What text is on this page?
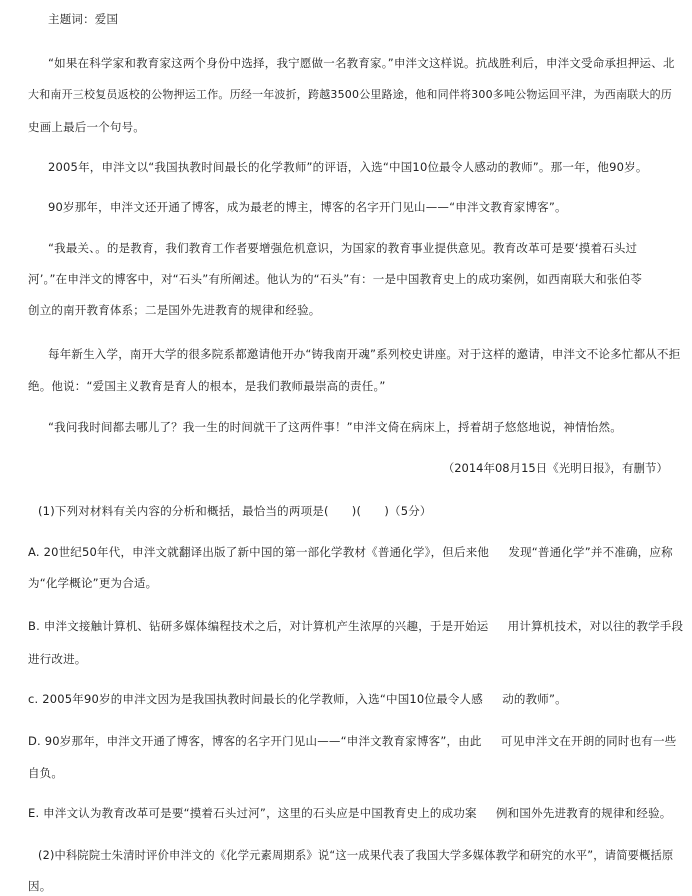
主题词：爱国
“如果在科学家和教育家这两个身份中选择，我宁愿做一名教育家。”申泮文这样说。抗战胜利后，申泮文受命承担押运、北
大和南开三校复员返校的公物押运工作。历经一年波折，跨越3500公里路途，他和同伴将300多吨公物运回平津，为西南联大的历
史画上最后一个句号。
2005年，申泮文以“我国执教时间最长的化学教师”的评语，入选“中国10位最令人感动的教师”。那一年，他90岁。
90岁那年，申泮文还开通了博客，成为最老的博主，博客的名字开门见山——“申泮文教育家博客”。
“我最关、。的是教育，我们教育工作者要增强危机意识，为国家的教育事业提供意见。教育改革可是要‘摸着石头过
河’。”在申泮文的博客中，对“石头”有所阐述。他认为的“石头”有：一是中国教育史上的成功案例，如西南联大和张伯苓
创立的南开教育体系；二是国外先进教育的规律和经验。
每年新生入学，南开大学的很多院系都邀请他开办“铸我南开魂”系列校史讲座。对于这样的邀请，申泮文不论多忙都从不拒
绝。他说：“爱国主义教育是育人的根本，是我们教师最崇高的责任。”
“我问我时间都去哪儿了？我一生的时间就干了这两件事！”申泮文倚在病床上，捋着胡子悠悠地说，神情怡然。
（2014年08月15日《光明日报》，有删节）
(1)下列对材料有关内容的分析和概括，最恰当的两项是(      )(      )（5分）
A. 20世纪50年代，申泮文就翻译出版了新中国的第一部化学教材《普通化学》，但后来他     发现“普通化学”并不准确，应称
为“化学概论”更为合适。
B. 申泮文接触计算机、钻研多媒体编程技术之后，对计算机产生浓厚的兴趣，于是开始运     用计算机技术，对以往的教学手段
进行改进。
c. 2005年90岁的申泮文因为是我国执教时间最长的化学教师，入选“中国10位最令人感     动的教师”。
D. 90岁那年，申泮文开通了博客，博客的名字开门见山——“申泮文教育家博客”，由此     可见申泮文在开朗的同时也有一些
自负。
E. 申泮文认为教育改革可是要“摸着石头过河”，这里的石头应是中国教育史上的成功案     例和国外先进教育的规律和经验。
(2)中科院院士朱清时评价申泮文的《化学元素周期系》说“这一成果代表了我国大学多媒体教学和研究的水平”，请简要概括原
因。
